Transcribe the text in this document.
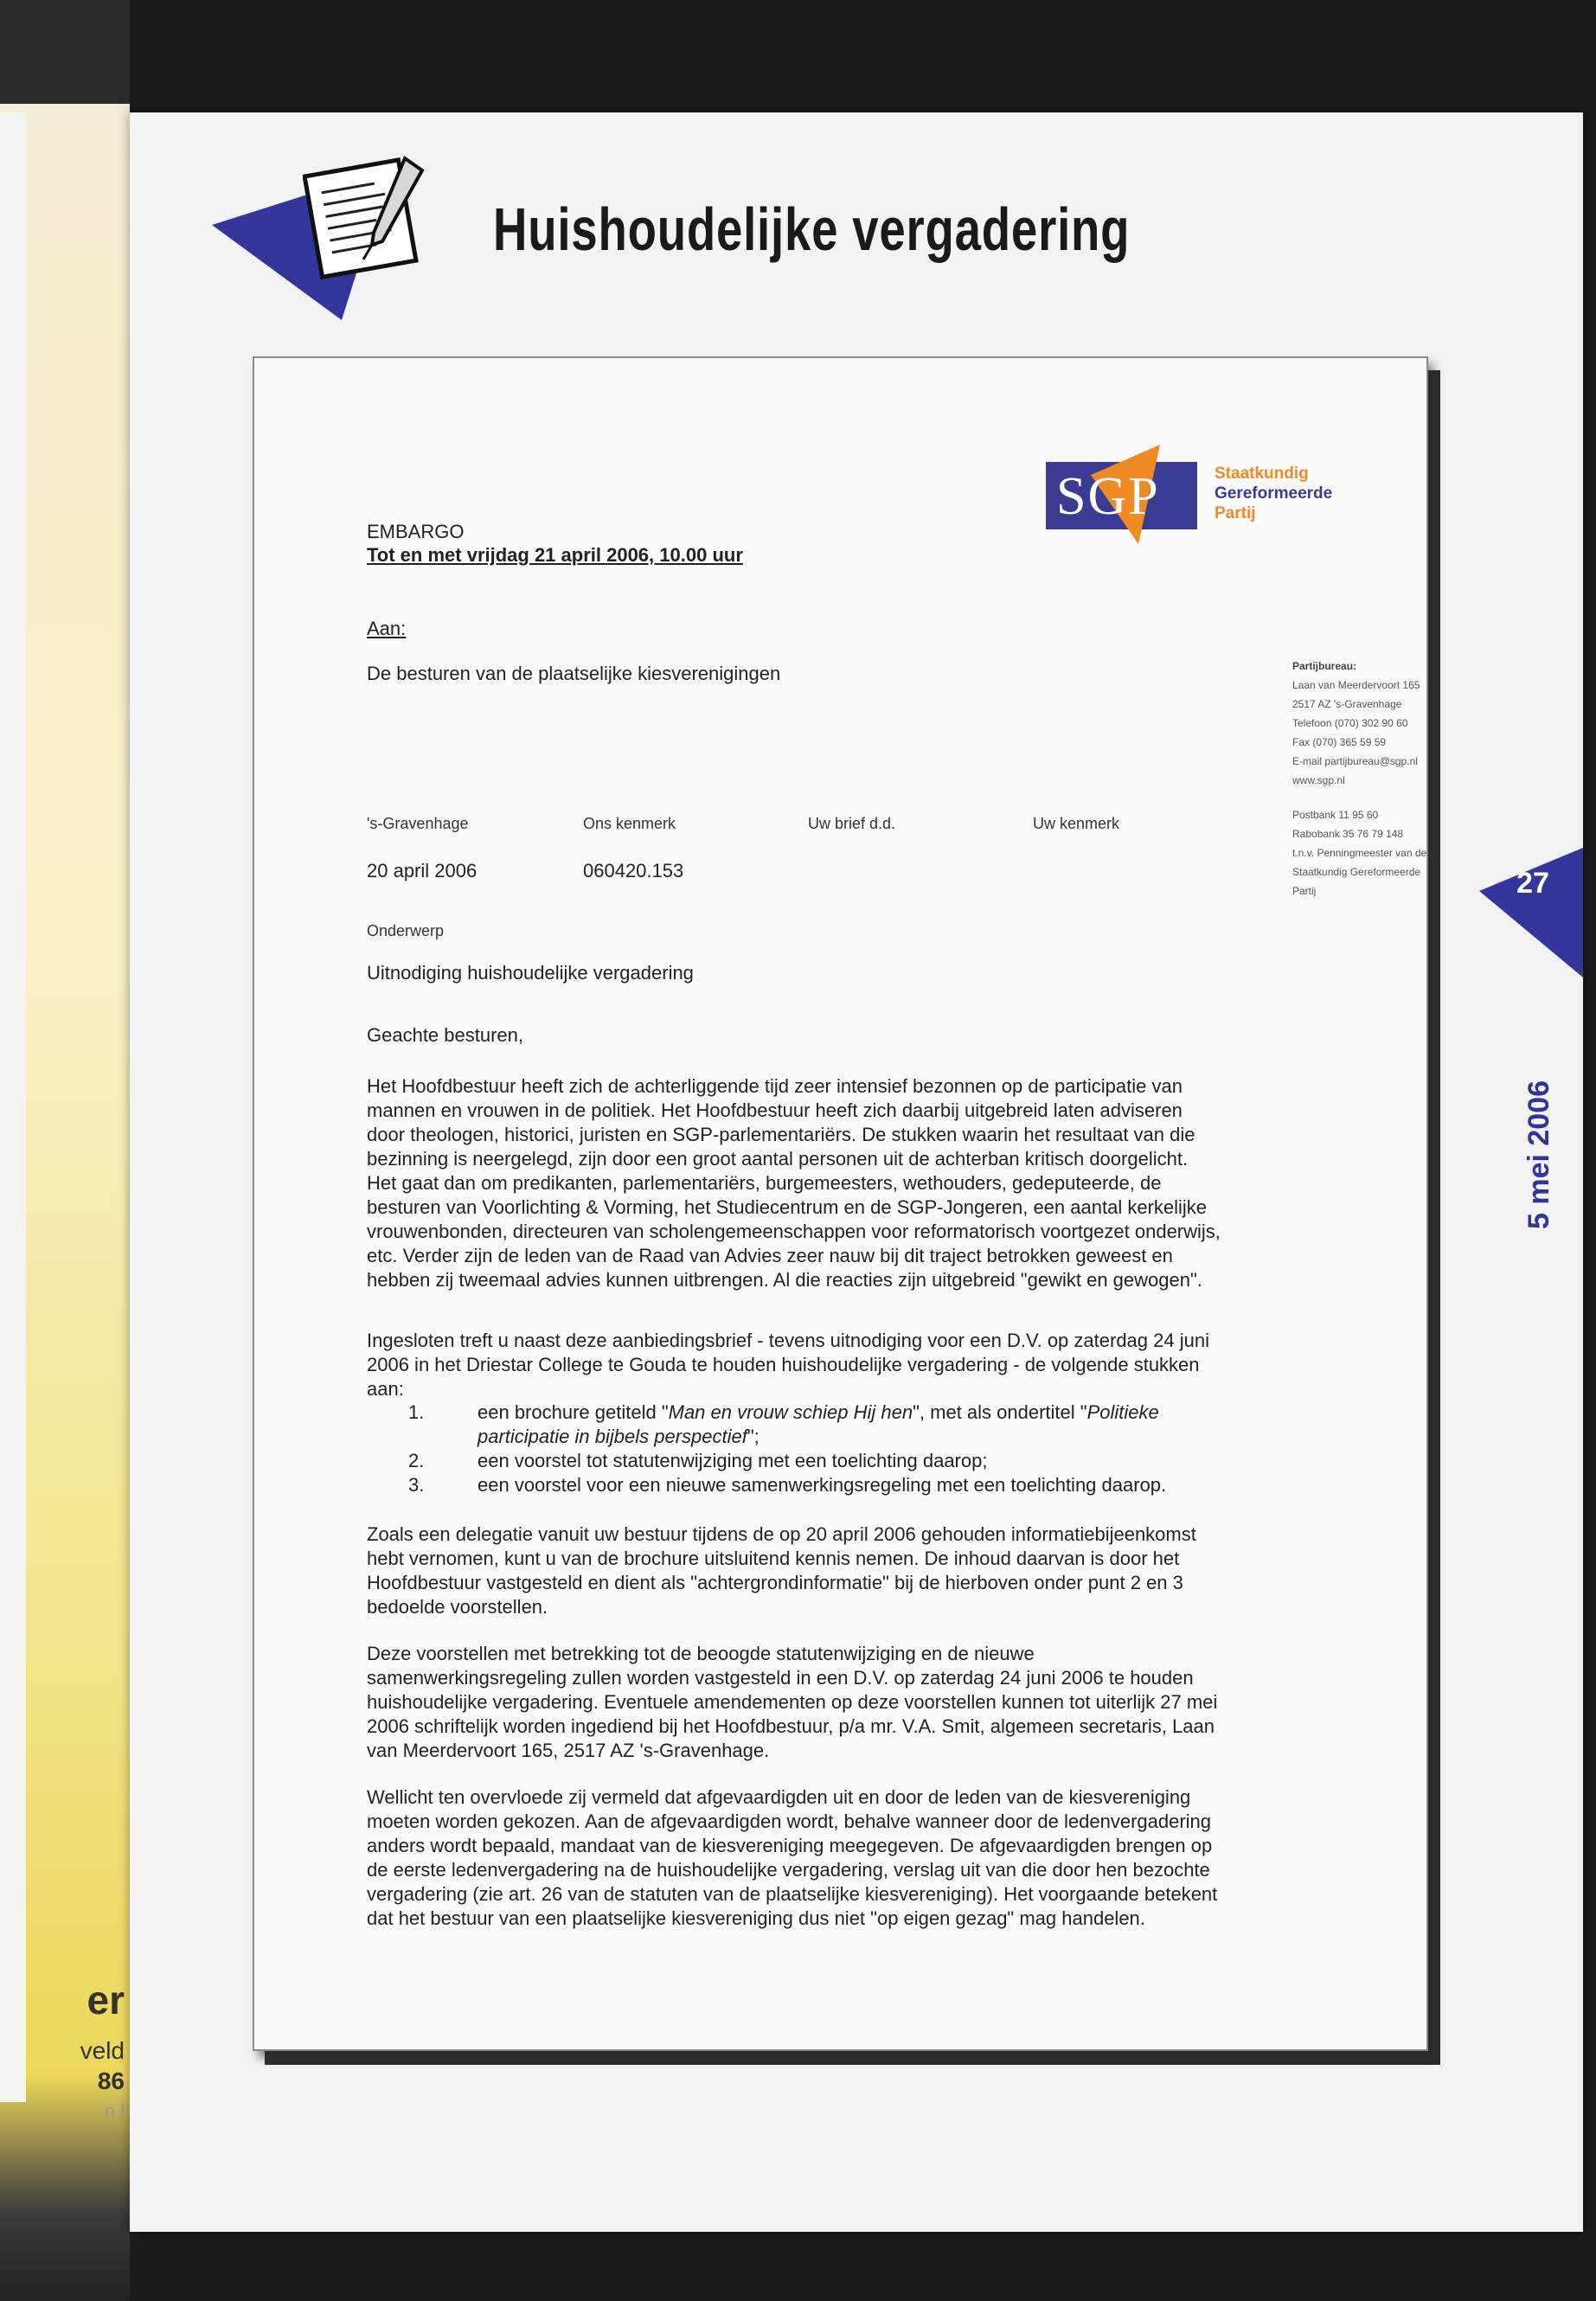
er
veld
86
n l
Huishoudelijke vergadering
27
5 mei 2006
SGP	Staatkundig
Gereformeerde
Partij
EMBARGO
Tot en met vrijdag 21 april 2006, 10.00 uur
Aan:
De besturen van de plaatselijke kiesverenigingen	Partijbureau:
Laan van Meerdervoort 165
2517 AZ 's-Gravenhage
Telefoon (070) 302 90 60
Fax (070) 365 59 59
E-mail partijbureau@sgp.nl
www.sgp.nl
Postbank 11 95 60
Rabobank 35 76 79 148
t.n.v. Penningmeester van de
Staatkundig Gereformeerde
Partij
's-Gravenhage	Ons kenmerk	Uw brief d.d.	Uw kenmerk
20 april 2006	060420.153
Onderwerp
Uitnodiging huishoudelijke vergadering
Geachte besturen,
Het Hoofdbestuur heeft zich de achterliggende tijd zeer intensief bezonnen op de participatie van
mannen en vrouwen in de politiek. Het Hoofdbestuur heeft zich daarbij uitgebreid laten adviseren
door theologen, historici, juristen en SGP-parlementariërs. De stukken waarin het resultaat van die
bezinning is neergelegd, zijn door een groot aantal personen uit de achterban kritisch doorgelicht.
Het gaat dan om predikanten, parlementariërs, burgemeesters, wethouders, gedeputeerde, de
besturen van Voorlichting & Vorming, het Studiecentrum en de SGP-Jongeren, een aantal kerkelijke
vrouwenbonden, directeuren van scholengemeenschappen voor reformatorisch voortgezet onderwijs,
etc. Verder zijn de leden van de Raad van Advies zeer nauw bij dit traject betrokken geweest en
hebben zij tweemaal advies kunnen uitbrengen. Al die reacties zijn uitgebreid "gewikt en gewogen".
Ingesloten treft u naast deze aanbiedingsbrief - tevens uitnodiging voor een D.V. op zaterdag 24 juni
2006 in het Driestar College te Gouda te houden huishoudelijke vergadering - de volgende stukken
aan:
1.	een brochure getiteld "Man en vrouw schiep Hij hen", met als ondertitel "Politieke
participatie in bijbels perspectief";
2.	een voorstel tot statutenwijziging met een toelichting daarop;
3.	een voorstel voor een nieuwe samenwerkingsregeling met een toelichting daarop.
Zoals een delegatie vanuit uw bestuur tijdens de op 20 april 2006 gehouden informatiebijeenkomst
hebt vernomen, kunt u van de brochure uitsluitend kennis nemen. De inhoud daarvan is door het
Hoofdbestuur vastgesteld en dient als "achtergrondinformatie" bij de hierboven onder punt 2 en 3
bedoelde voorstellen.
Deze voorstellen met betrekking tot de beoogde statutenwijziging en de nieuwe
samenwerkingsregeling zullen worden vastgesteld in een D.V. op zaterdag 24 juni 2006 te houden
huishoudelijke vergadering. Eventuele amendementen op deze voorstellen kunnen tot uiterlijk 27 mei
2006 schriftelijk worden ingediend bij het Hoofdbestuur, p/a mr. V.A. Smit, algemeen secretaris, Laan
van Meerdervoort 165, 2517 AZ 's-Gravenhage.
Wellicht ten overvloede zij vermeld dat afgevaardigden uit en door de leden van de kiesvereniging
moeten worden gekozen. Aan de afgevaardigden wordt, behalve wanneer door de ledenvergadering
anders wordt bepaald, mandaat van de kiesvereniging meegegeven. De afgevaardigden brengen op
de eerste ledenvergadering na de huishoudelijke vergadering, verslag uit van die door hen bezochte
vergadering (zie art. 26 van de statuten van de plaatselijke kiesvereniging). Het voorgaande betekent
dat het bestuur van een plaatselijke kiesvereniging dus niet "op eigen gezag" mag handelen.
